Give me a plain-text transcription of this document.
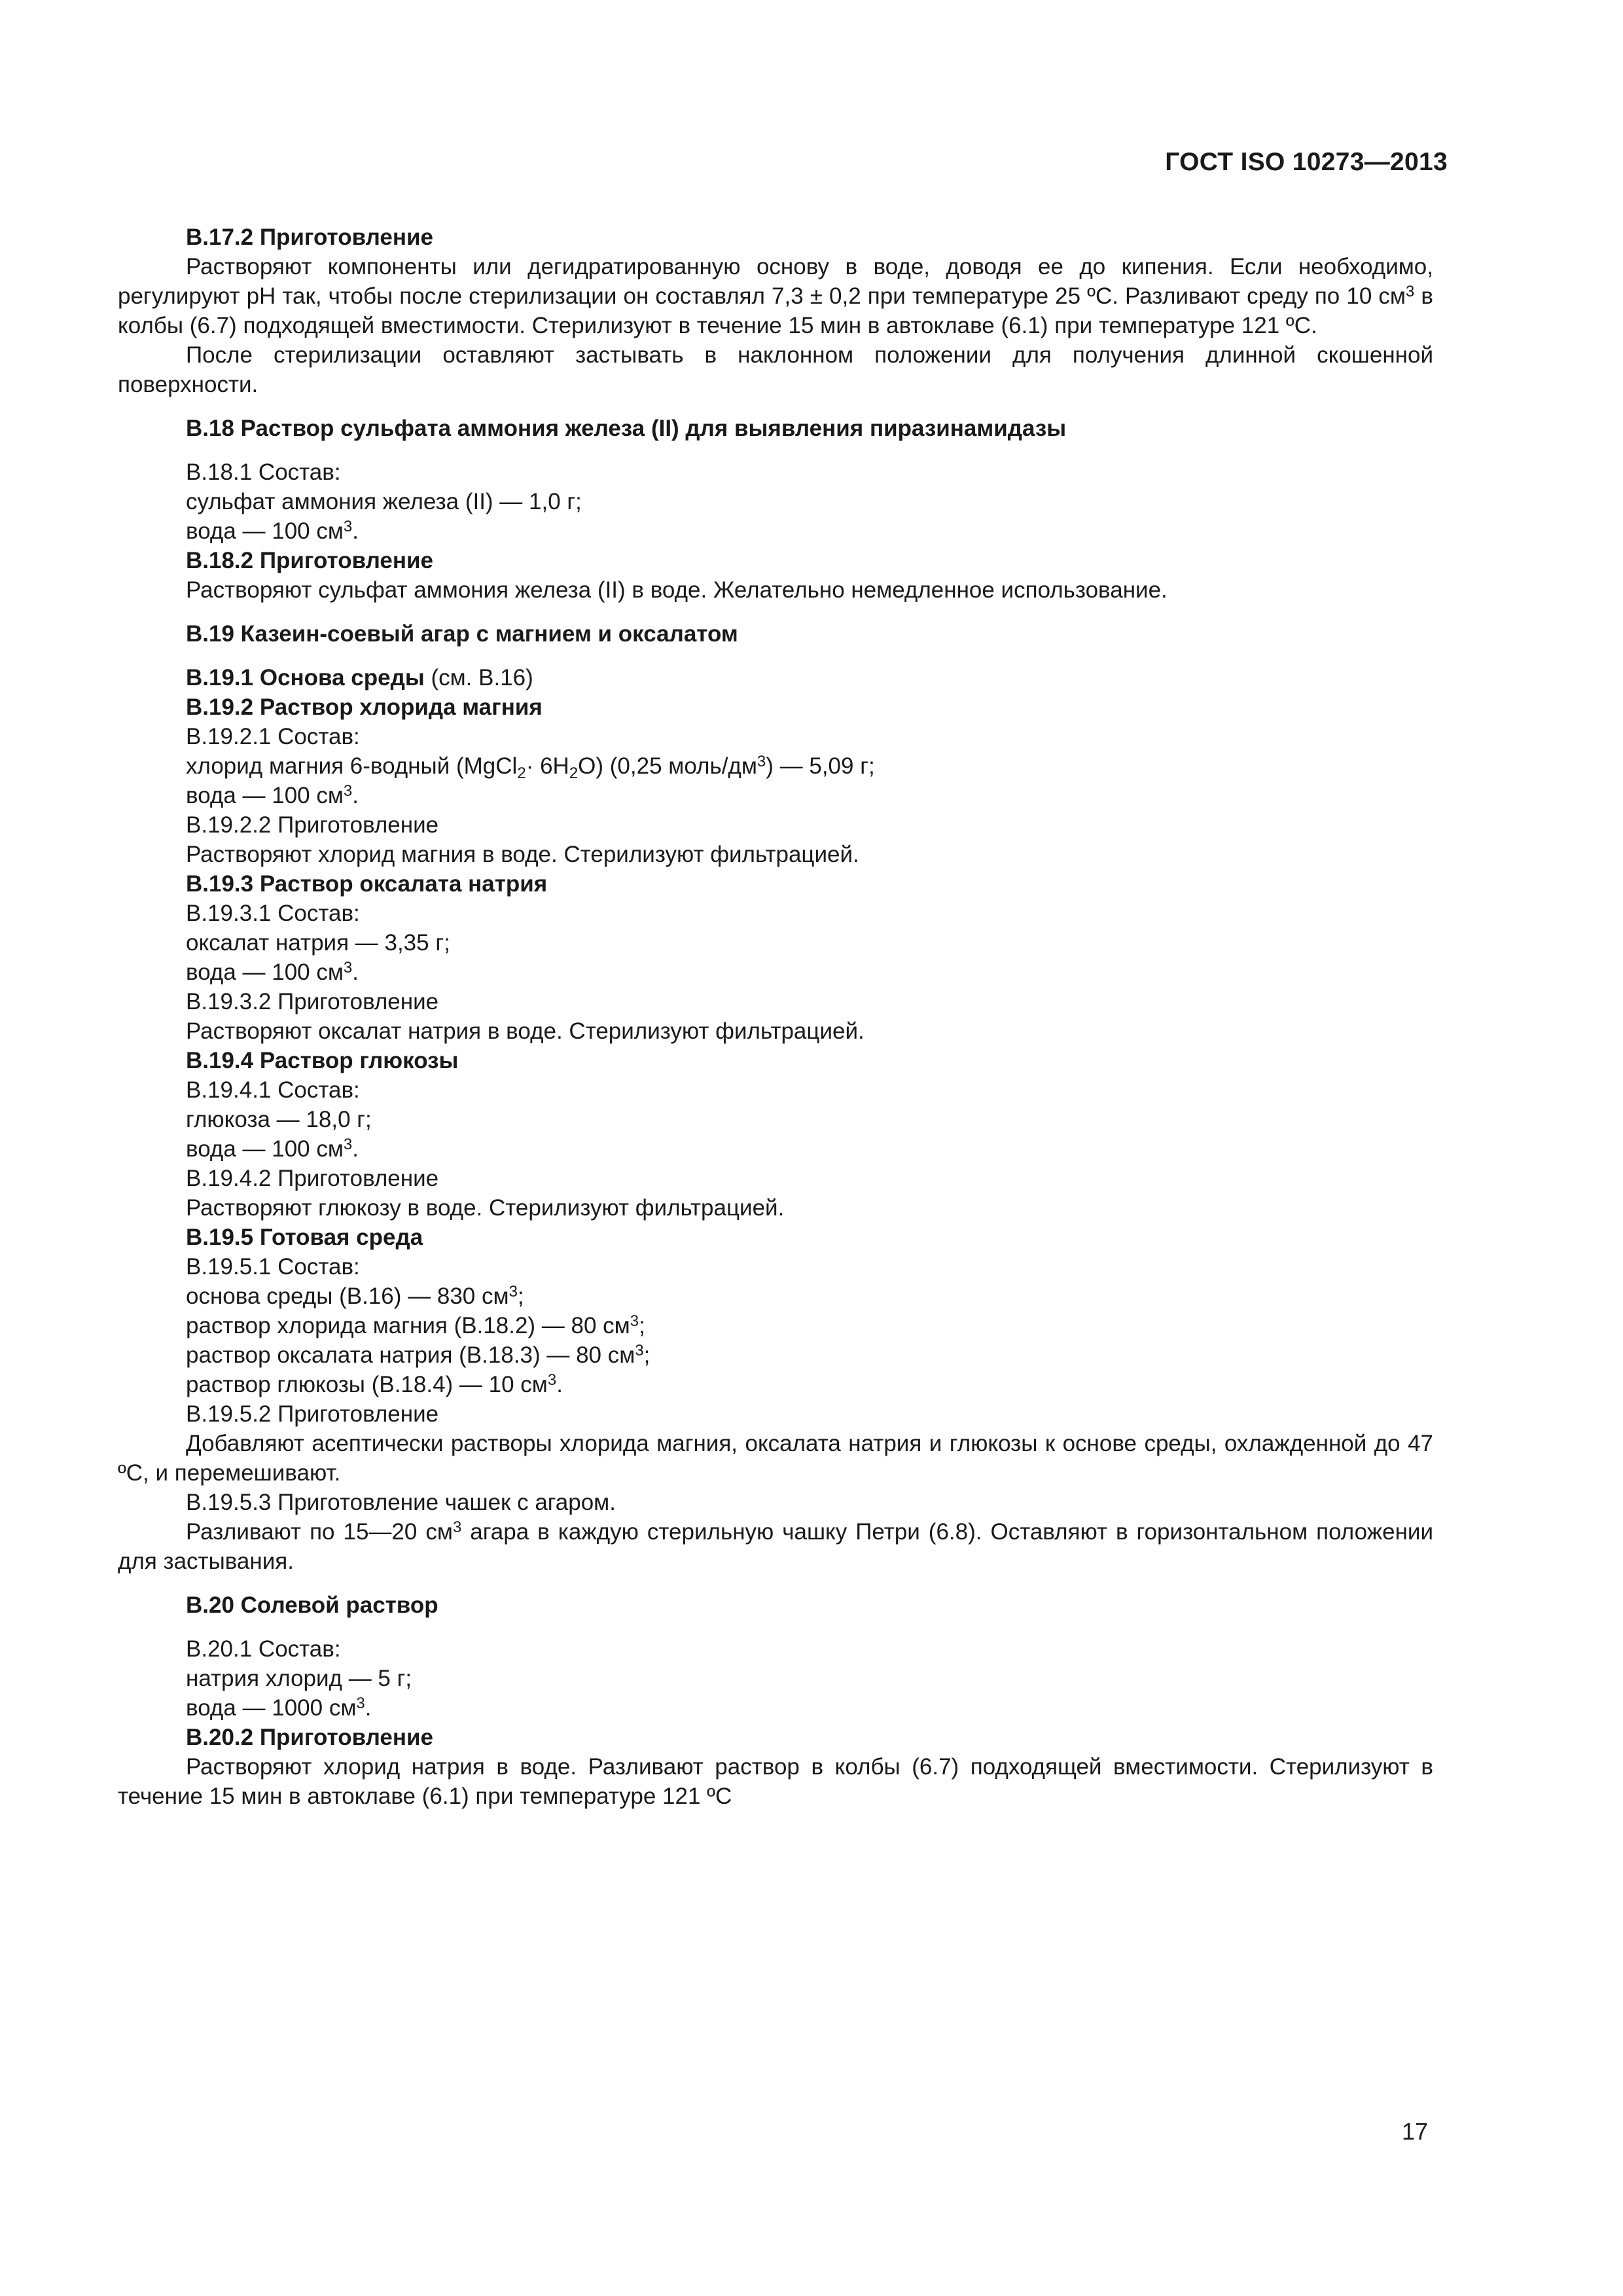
ГОСТ ISO 10273—2013

В.17.2 Приготовление

Растворяют компоненты или дегидратированную основу в воде, доводя ее до кипения. Если необходимо, регулируют pH так, чтобы после стерилизации он составлял 7,3 ± 0,2 при температуре 25 ºC. Разливают среду по 10 $см^3$ в колбы (6.7) подходящей вместимости. Стерилизуют в течение 15 мин в автоклаве (6.1) при температуре 121 ºC.

После стерилизации оставляют застывать в наклонном положении для получения длинной скошенной поверхности.

В.18 Раствор сульфата аммония железа (II) для выявления пиразинамидазы

В.18.1 Состав:

сульфат аммония железа (II) — 1,0 г;

вода — 100 $см^3$.

В.18.2 Приготовление

Растворяют сульфат аммония железа (II) в воде. Желательно немедленное использование.

В.19 Казеин-соевый агар с магнием и оксалатом

В.19.1 Основа среды (см. В.16)

В.19.2 Раствор хлорида магния

В.19.2.1 Состав:

хлорид магния 6-водный (MgCl$_2$· $6H_2O$) (0,25 моль/$дм^3$) — 5,09 г;

вода — 100 $см^3$.

В.19.2.2 Приготовление

Растворяют хлорид магния в воде. Стерилизуют фильтрацией.

В.19.3 Раствор оксалата натрия

В.19.3.1 Состав:

оксалат натрия — 3,35 г;

вода — 100 $см^3$.

В.19.3.2 Приготовление

Растворяют оксалат натрия в воде. Стерилизуют фильтрацией.

В.19.4 Раствор глюкозы

В.19.4.1 Состав:

глюкоза — 18,0 г;

вода — 100 $см^3$.

В.19.4.2 Приготовление

Растворяют глюкозу в воде. Стерилизуют фильтрацией.

В.19.5 Готовая среда

В.19.5.1 Состав:

основа среды (В.16) — 830 $см^3$;

раствор хлорида магния (В.18.2) — 80 $см^3$;

раствор оксалата натрия (В.18.3) — 80 $см^3$;

раствор глюкозы (В.18.4) — 10 $см^3$.

В.19.5.2 Приготовление

Добавляют асептически растворы хлорида магния, оксалата натрия и глюкозы к основе среды, охлажденной до 47 ºC, и перемешивают.

В.19.5.3 Приготовление чашек с агаром.

Разливают по 15—20 $см^3$ агара в каждую стерильную чашку Петри (6.8). Оставляют в горизонтальном положении для застывания.

В.20 Солевой раствор

В.20.1 Состав:

натрия хлорид — 5 г;

вода — 1000 $см^3$.

В.20.2 Приготовление

Растворяют хлорид натрия в воде. Разливают раствор в колбы (6.7) подходящей вместимости. Стерилизуют в течение 15 мин в автоклаве (6.1) при температуре 121 ºC

17
